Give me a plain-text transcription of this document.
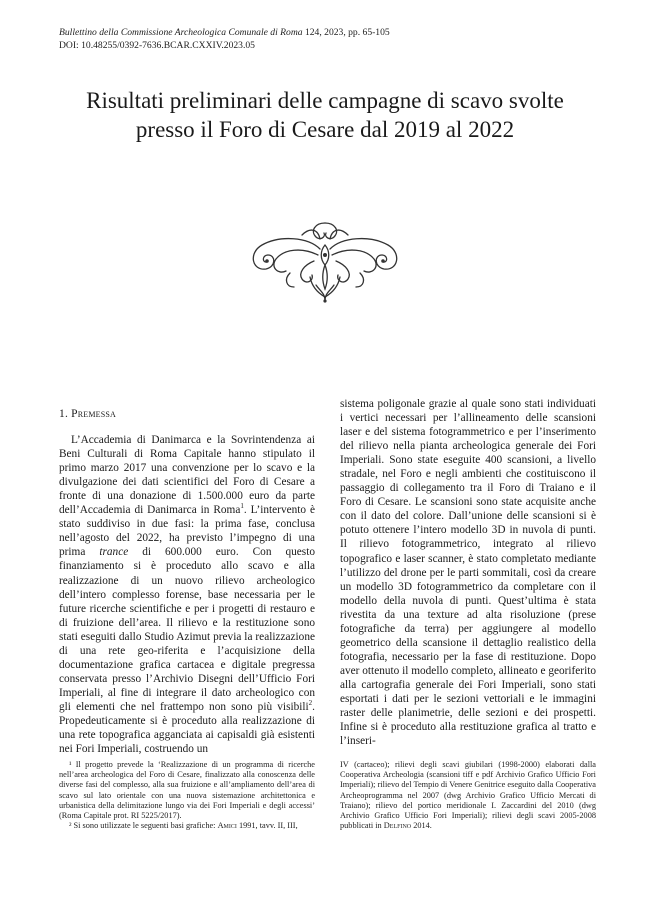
Bullettino della Commissione Archeologica Comunale di Roma 124, 2023, pp. 65-105
DOI: 10.48255/0392-7636.BCAR.CXXIV.2023.05
Risultati preliminari delle campagne di scavo svolte
presso il Foro di Cesare dal 2019 al 2022
1. Premessa

L’Accademia di Danimarca e la Sovrintendenza ai Beni Culturali di Roma Capitale hanno stipulato il primo marzo 2017 una convenzione per lo scavo e la divulgazione dei dati scientifici del Foro di Cesare a fronte di una donazione di 1.500.000 euro da parte dell’Accademia di Danimarca in Roma$^1$. L’intervento è stato suddiviso in due fasi: la prima fase, conclusa nell’agosto del 2022, ha previsto l’impegno di una prima trance di 600.000 euro. Con questo finanziamento si è proceduto allo scavo e alla realizzazione di un nuovo rilievo archeologico dell’intero complesso forense, base necessaria per le future ricerche scientifiche e per i progetti di restauro e di fruizione dell’area. Il rilievo e la restituzione sono stati eseguiti dallo Studio Azimut previa la realizzazione di una rete geo-riferita e l’acquisizione della documentazione grafica cartacea e digitale pregressa conservata presso l’Archivio Disegni dell’Ufficio Fori Imperiali, al fine di integrare il dato archeologico con gli elementi che nel frattempo non sono più visibili$^2$. Propedeuticamente si è proceduto alla realizzazione di una rete topografica agganciata ai capisaldi già esistenti nei Fori Imperiali, costruendo un

sistema poligonale grazie al quale sono stati individuati i vertici necessari per l’allineamento delle scansioni laser e del sistema fotogrammetrico e per l’inserimento del rilievo nella pianta archeologica generale dei Fori Imperiali. Sono state eseguite 400 scansioni, a livello stradale, nel Foro e negli ambienti che costituiscono il passaggio di collegamento tra il Foro di Traiano e il Foro di Cesare. Le scansioni sono state acquisite anche con il dato del colore. Dall’unione delle scansioni si è potuto ottenere l’intero modello 3D in nuvola di punti. Il rilievo fotogrammetrico, integrato al rilievo topografico e laser scanner, è stato completato mediante l’utilizzo del drone per le parti sommitali, così da creare un modello 3D fotogrammetrico da completare con il modello della nuvola di punti. Quest’ultima è stata rivestita da una texture ad alta risoluzione (prese fotografiche da terra) per aggiungere al modello geometrico della scansione il dettaglio realistico della fotografia, necessario per la fase di restituzione. Dopo aver ottenuto il modello completo, allineato e georiferito alla cartografia generale dei Fori Imperiali, sono stati esportati i dati per le sezioni vettoriali e le immagini raster delle planimetrie, delle sezioni e dei prospetti. Infine si è proceduto alla restituzione grafica al tratto e l’inseri-

¹ Il progetto prevede la ‘Realizzazione di un programma di ricerche nell’area archeologica del Foro di Cesare, finalizzato alla conoscenza delle diverse fasi del complesso, alla sua fruizione e all’ampliamento dell’area di scavo sul lato orientale con una nuova sistemazione architettonica e urbanistica della delimitazione lungo via dei Fori Imperiali e degli accessi’ (Roma Capitale prot. RI 5225/2017).

² Si sono utilizzate le seguenti basi grafiche: Amici 1991, tavv. II, III,

IV (cartaceo); rilievi degli scavi giubilari (1998-2000) elaborati dalla Cooperativa Archeologia (scansioni tiff e pdf Archivio Grafico Ufficio Fori Imperiali); rilievo del Tempio di Venere Genitrice eseguito dalla Cooperativa Archeoprogramma nel 2007 (dwg Archivio Grafico Ufficio Mercati di Traiano); rilievo del portico meridionale I. Zaccardini del 2010 (dwg Archivio Grafico Ufficio Fori Imperiali); rilievi degli scavi 2005-2008 pubblicati in Delfino 2014.
